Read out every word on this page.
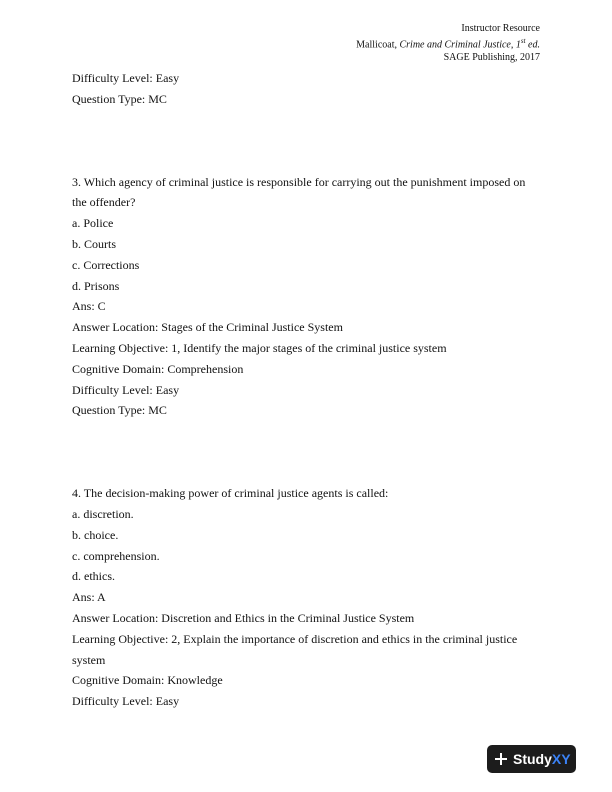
Instructor Resource
Mallicoat, Crime and Criminal Justice, 1st ed.
SAGE Publishing, 2017
Difficulty Level: Easy
Question Type: MC
3. Which agency of criminal justice is responsible for carrying out the punishment imposed on the offender?
a. Police
b. Courts
c. Corrections
d. Prisons
Ans: C
Answer Location: Stages of the Criminal Justice System
Learning Objective: 1, Identify the major stages of the criminal justice system
Cognitive Domain: Comprehension
Difficulty Level: Easy
Question Type: MC
4. The decision-making power of criminal justice agents is called:
a. discretion.
b. choice.
c. comprehension.
d. ethics.
Ans: A
Answer Location: Discretion and Ethics in the Criminal Justice System
Learning Objective: 2, Explain the importance of discretion and ethics in the criminal justice system
Cognitive Domain: Knowledge
Difficulty Level: Easy
Study XY
